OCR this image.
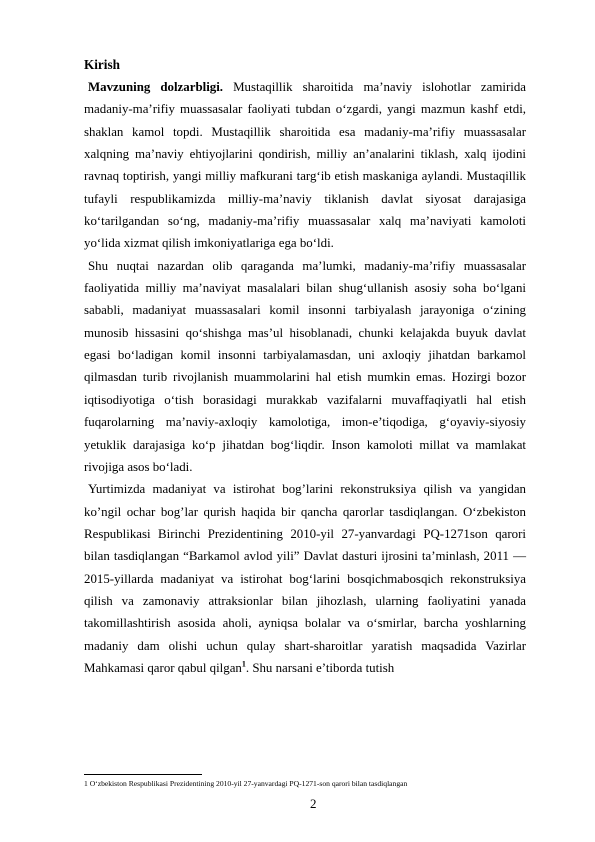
Kirish

Mavzuning dolzarbligi. Mustaqillik sharoitida ma’naviy islohotlar zamirida madaniy-ma’rifiy muassasalar faoliyati tubdan o‘zgardi, yangi mazmun kashf etdi, shaklan kamol topdi. Mustaqillik sharoitida esa madaniy-ma’rifiy muassasalar xalqning ma’naviy ehtiyojlarini qondirish, milliy an’analarini tiklash, xalq ijodini ravnaq toptirish, yangi milliy mafkurani targ‘ib etish maskaniga aylandi. Mustaqillik tufayli respublikamizda milliy-ma’naviy tiklanish davlat siyosat darajasiga ko‘tarilgandan so‘ng, madaniy-ma’rifiy muassasalar xalq ma’naviyati kamoloti yo‘lida xizmat qilish imkoniyatlariga ega bo‘ldi.

Shu nuqtai nazardan olib qaraganda ma’lumki, madaniy-ma’rifiy muassasalar faoliyatida milliy ma’naviyat masalalari bilan shug‘ullanish asosiy soha bo‘lgani sababli, madaniyat muassasalari komil insonni tarbiyalash jarayoniga o‘zining munosib hissasini qo‘shishga mas’ul hisoblanadi, chunki kelajakda buyuk davlat egasi bo‘ladigan komil insonni tarbiyalamasdan, uni axloqiy jihatdan barkamol qilmasdan turib rivojlanish muammolarini hal etish mumkin emas. Hozirgi bozor iqtisodiyotiga o‘tish borasidagi murakkab vazifalarni muvaffaqiyatli hal etish fuqarolarning ma’naviy-axloqiy kamolotiga, imon-e’tiqodiga, g‘oyaviy-siyosiy yetuklik darajasiga ko‘p jihatdan bog‘liqdir. Inson kamoloti millat va mamlakat rivojiga asos bo‘ladi.

Yurtimizda madaniyat va istirohat bog’larini rekonstruksiya qilish va yangidan ko’ngil ochar bog’lar qurish haqida bir qancha qarorlar tasdiqlangan. O‘zbekiston Respublikasi Birinchi Prezidentining 2010-yil 27-yanvardagi PQ-1271son qarori bilan tasdiqlangan “Barkamol avlod yili” Davlat dasturi ijrosini ta’minlash, 2011 — 2015-yillarda madaniyat va istirohat bog‘larini bosqichmabosqich rekonstruksiya qilish va zamonaviy attraksionlar bilan jihozlash, ularning faoliyatini yanada takomillashtirish asosida aholi, ayniqsa bolalar va o‘smirlar, barcha yoshlarning madaniy dam olishi uchun qulay shart-sharoitlar yaratish maqsadida Vazirlar Mahkamasi qaror qabul qilgan$^1$. Shu narsani e’tiborda tutish

1 O‘zbekiston Respublikasi Prezidentining 2010-yil 27-yanvardagi PQ-1271-son qarori bilan tasdiqlangan
2
